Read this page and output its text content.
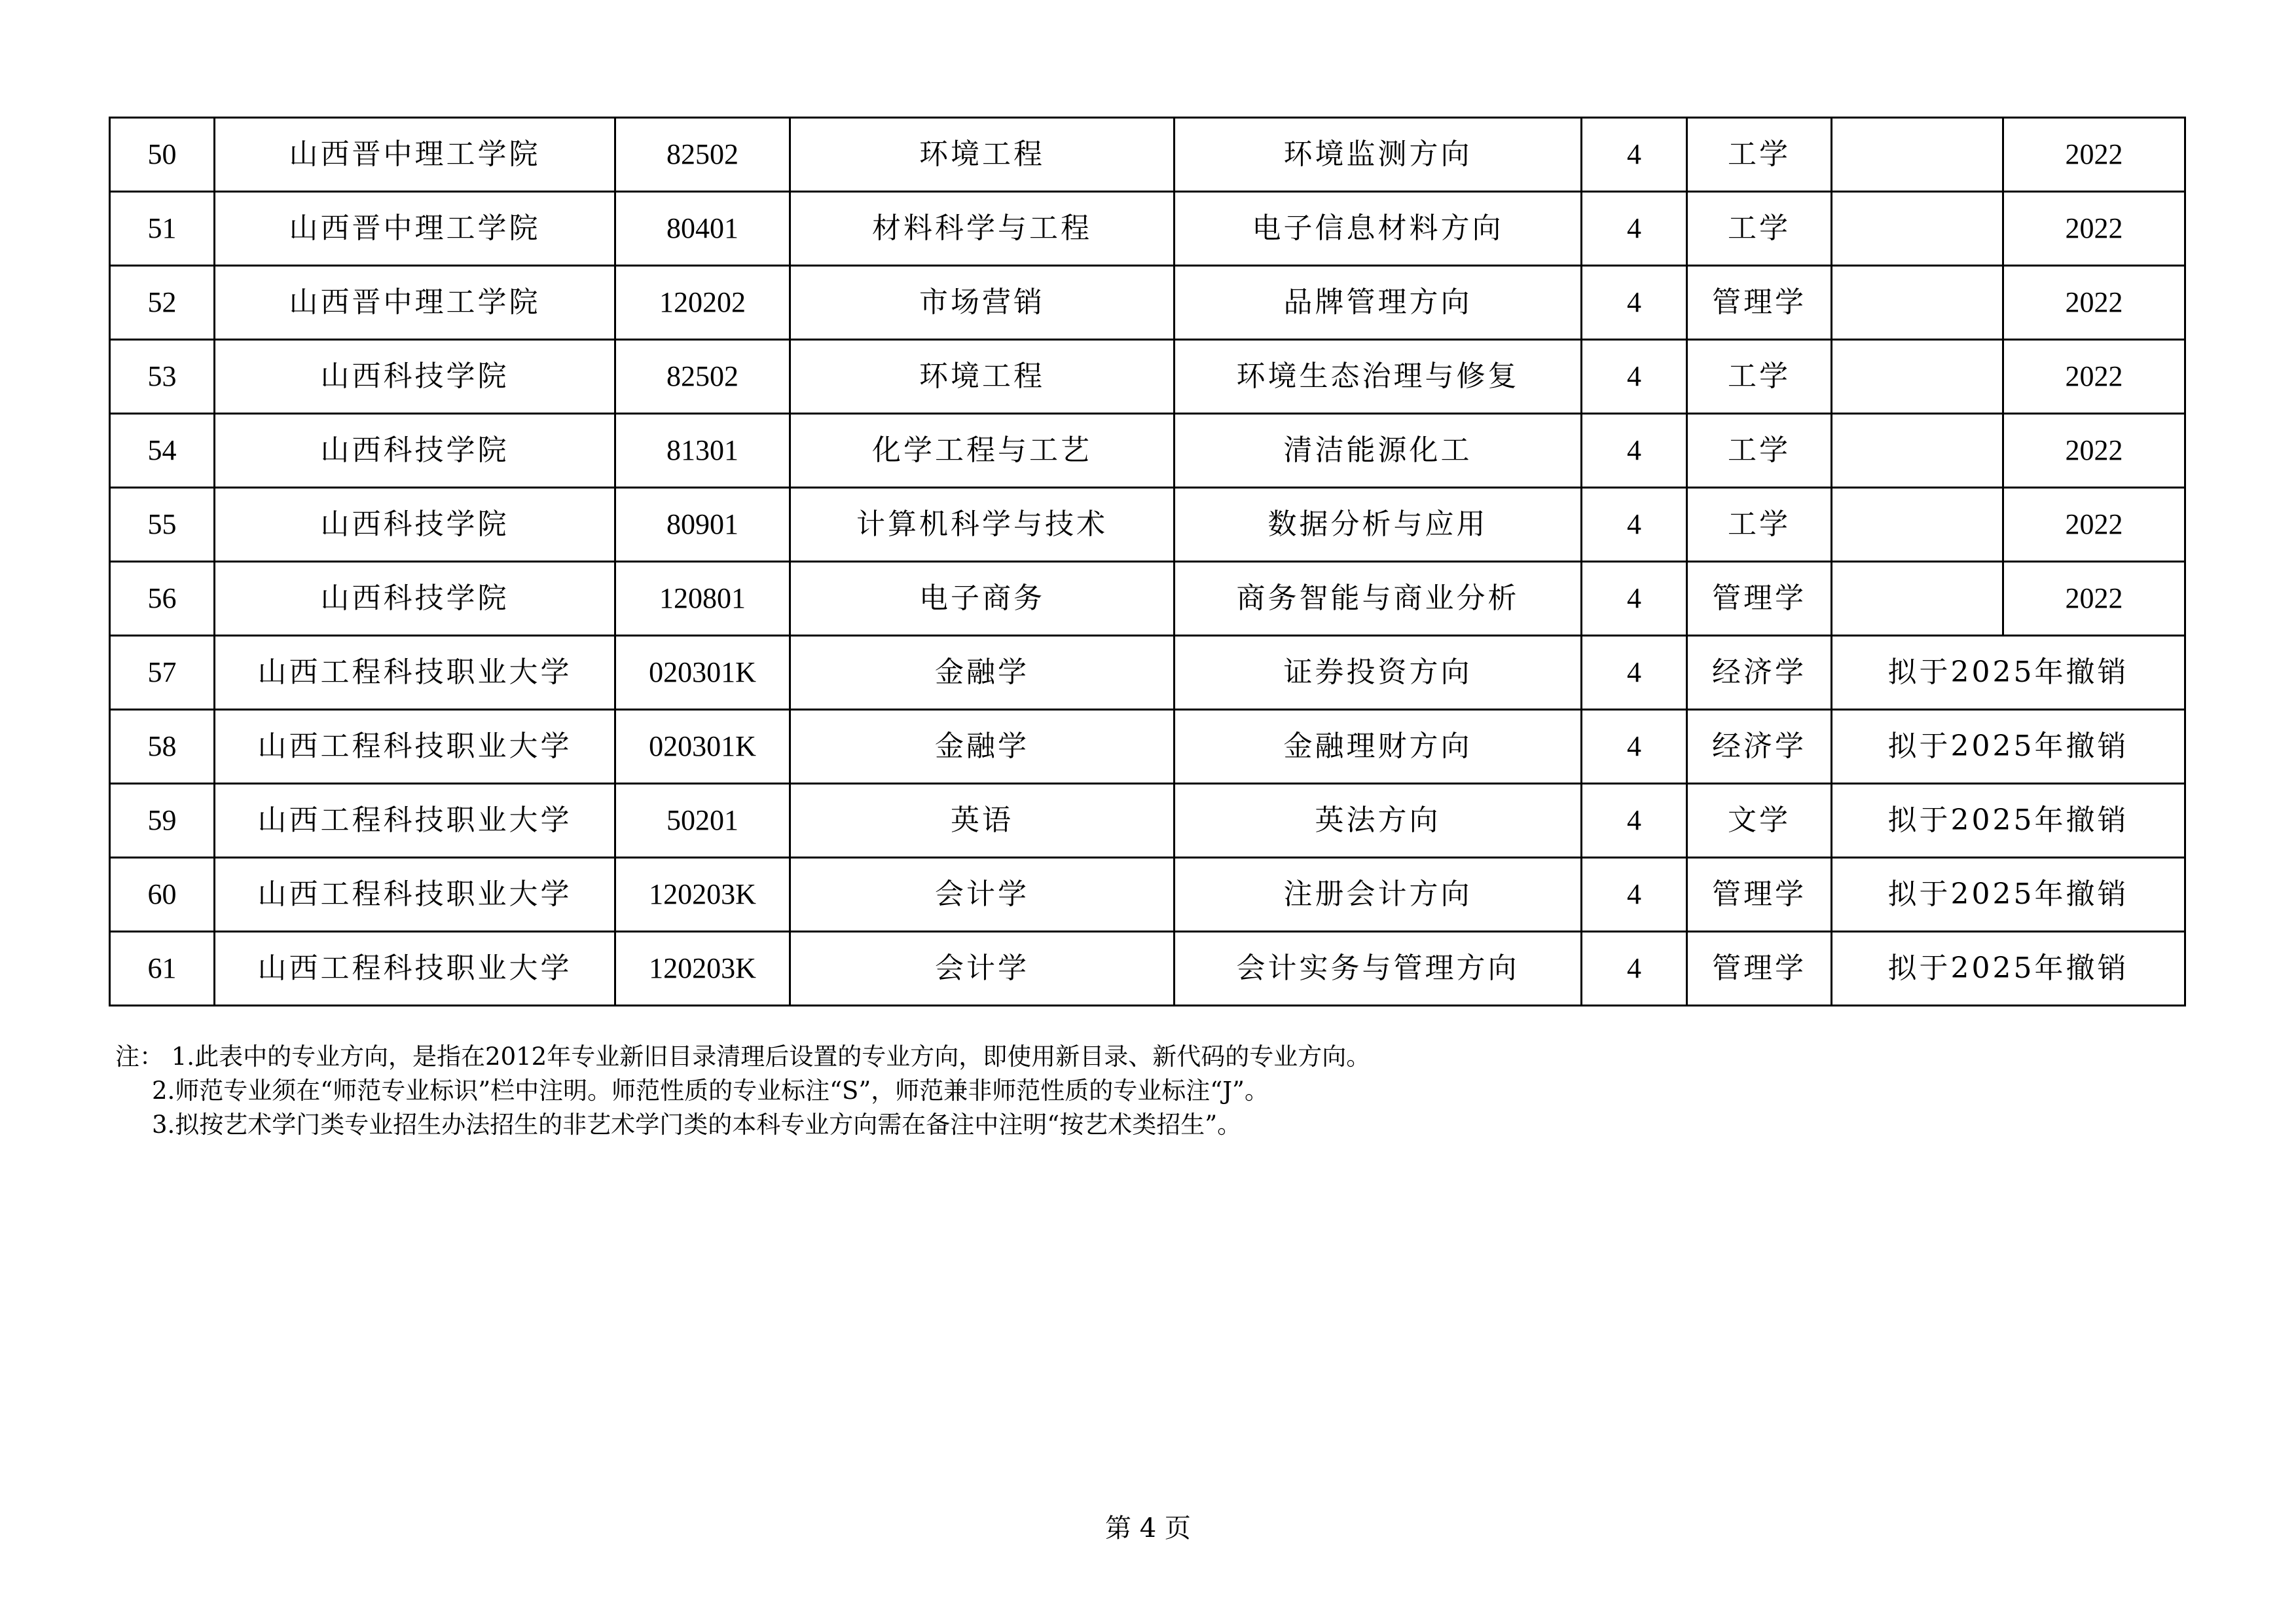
50	山西晋中理工学院	82502	环境工程	环境监测方向	4	工学		2022
51	山西晋中理工学院	80401	材料科学与工程	电子信息材料方向	4	工学		2022
52	山西晋中理工学院	120202	市场营销	品牌管理方向	4	管理学		2022
53	山西科技学院	82502	环境工程	环境生态治理与修复	4	工学		2022
54	山西科技学院	81301	化学工程与工艺	清洁能源化工	4	工学		2022
55	山西科技学院	80901	计算机科学与技术	数据分析与应用	4	工学		2022
56	山西科技学院	120801	电子商务	商务智能与商业分析	4	管理学		2022
57	山西工程科技职业大学	020301K	金融学	证券投资方向	4	经济学	拟于2025年撤销	
58	山西工程科技职业大学	020301K	金融学	金融理财方向	4	经济学	拟于2025年撤销	
59	山西工程科技职业大学	50201	英语	英法方向	4	文学	拟于2025年撤销	
60	山西工程科技职业大学	120203K	会计学	注册会计方向	4	管理学	拟于2025年撤销	
61	山西工程科技职业大学	120203K	会计学	会计实务与管理方向	4	管理学	拟于2025年撤销	
注： 1.此表中的专业方向，是指在2012年专业新旧目录清理后设置的专业方向，即使用新目录、新代码的专业方向。
2.师范专业须在“师范专业标识”栏中注明。师范性质的专业标注“S”，师范兼非师范性质的专业标注“J”。
3.拟按艺术学门类专业招生办法招生的非艺术学门类的本科专业方向需在备注中注明“按艺术类招生”。
第 4 页
